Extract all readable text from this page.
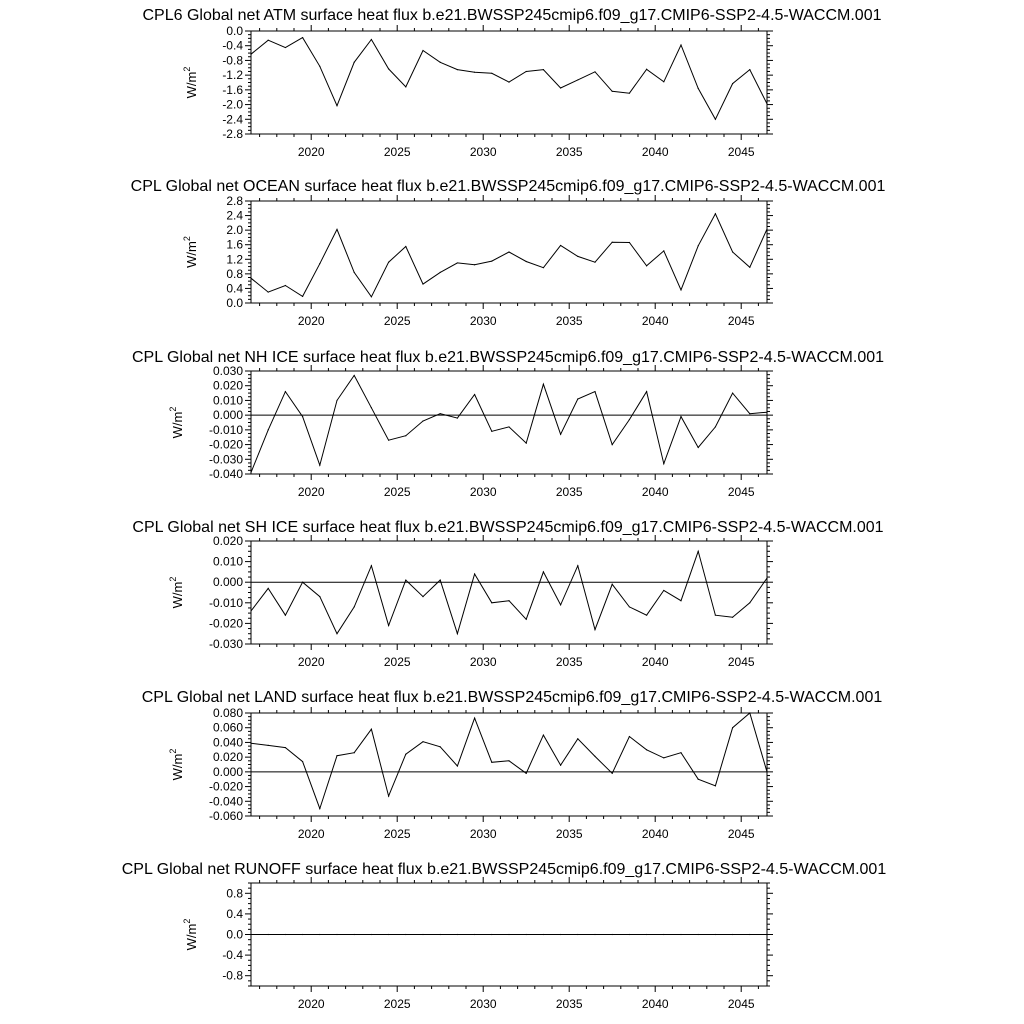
CPL6 Global net ATM surface heat flux b.e21.BWSSP245cmip6.f09_g17.CMIP6-SSP2-4.5-WACCM.001
2020	2025	2030	2035	2040	2045
0.0
-0.4
-0.8
-1.2
-1.6
-2.0
-2.4
-2.8
$W/m^2$
CPL Global net OCEAN surface heat flux b.e21.BWSSP245cmip6.f09_g17.CMIP6-SSP2-4.5-WACCM.001
2020	2025	2030	2035	2040	2045
0.0
0.4
0.8
1.2
1.6
2.0
2.4
2.8
$W/m^2$
CPL Global net NH ICE surface heat flux b.e21.BWSSP245cmip6.f09_g17.CMIP6-SSP2-4.5-WACCM.001
2020	2025	2030	2035	2040	2045
0.030
0.020
0.010
0.000
-0.010
-0.020
-0.030
-0.040
$W/m^2$
CPL Global net SH ICE surface heat flux b.e21.BWSSP245cmip6.f09_g17.CMIP6-SSP2-4.5-WACCM.001
2020	2025	2030	2035	2040	2045
0.020
0.010
0.000
-0.010
-0.020
-0.030
$W/m^2$
CPL Global net LAND surface heat flux b.e21.BWSSP245cmip6.f09_g17.CMIP6-SSP2-4.5-WACCM.001
2020	2025	2030	2035	2040	2045
0.080
0.060
0.040
0.020
0.000
-0.020
-0.040
-0.060
$W/m^2$
CPL Global net RUNOFF surface heat flux b.e21.BWSSP245cmip6.f09_g17.CMIP6-SSP2-4.5-WACCM.001
2020	2025	2030	2035	2040	2045
0.8
0.4
0.0
-0.4
-0.8
$W/m^2$
